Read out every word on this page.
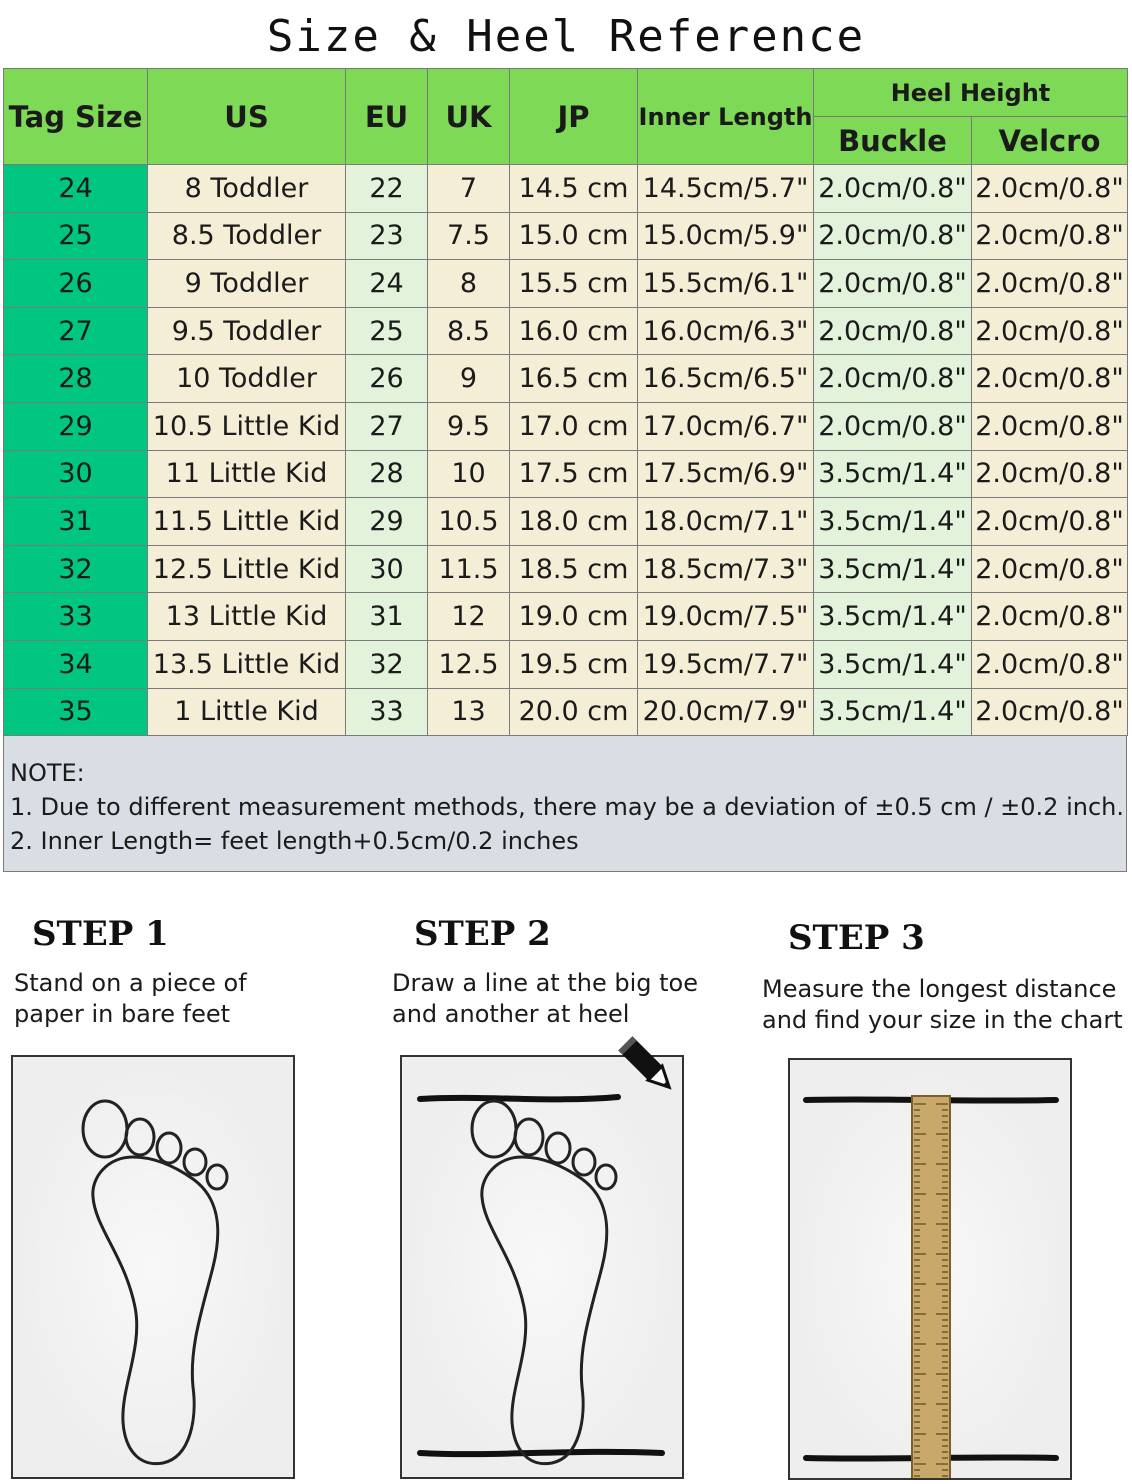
Size & Heel Reference
Tag Size	US	EU	UK	JP	Inner Length	Heel Height	
						Buckle	Velcro
24	8 Toddler	22	7	14.5 cm	14.5cm/5.7"	2.0cm/0.8"	2.0cm/0.8"
25	8.5 Toddler	23	7.5	15.0 cm	15.0cm/5.9"	2.0cm/0.8"	2.0cm/0.8"
26	9 Toddler	24	8	15.5 cm	15.5cm/6.1"	2.0cm/0.8"	2.0cm/0.8"
27	9.5 Toddler	25	8.5	16.0 cm	16.0cm/6.3"	2.0cm/0.8"	2.0cm/0.8"
28	10 Toddler	26	9	16.5 cm	16.5cm/6.5"	2.0cm/0.8"	2.0cm/0.8"
29	10.5 Little Kid	27	9.5	17.0 cm	17.0cm/6.7"	2.0cm/0.8"	2.0cm/0.8"
30	11 Little Kid	28	10	17.5 cm	17.5cm/6.9"	3.5cm/1.4"	2.0cm/0.8"
31	11.5 Little Kid	29	10.5	18.0 cm	18.0cm/7.1"	3.5cm/1.4"	2.0cm/0.8"
32	12.5 Little Kid	30	11.5	18.5 cm	18.5cm/7.3"	3.5cm/1.4"	2.0cm/0.8"
33	13 Little Kid	31	12	19.0 cm	19.0cm/7.5"	3.5cm/1.4"	2.0cm/0.8"
34	13.5 Little Kid	32	12.5	19.5 cm	19.5cm/7.7"	3.5cm/1.4"	2.0cm/0.8"
35	1 Little Kid	33	13	20.0 cm	20.0cm/7.9"	3.5cm/1.4"	2.0cm/0.8"
NOTE:
1. Due to different measurement methods, there may be a deviation of ±0.5 cm / ±0.2 inch.
2. Inner Length= feet length+0.5cm/0.2 inches
STEP 1
Stand on a piece of
paper in bare feet
STEP 2
Draw a line at the big toe
and another at heel
STEP 3
Measure the longest distance
and find your size in the chart
